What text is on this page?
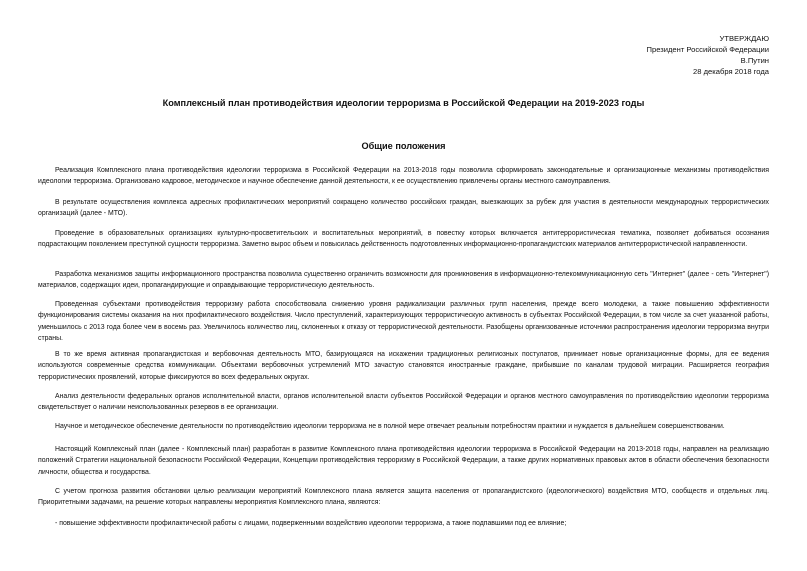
УТВЕРЖДАЮ
Президент Российской Федерации
В.Путин
28 декабря 2018 года
Комплексный план противодействия идеологии терроризма в Российской Федерации на 2019-2023 годы
Общие положения

Реализация Комплексного плана противодействия идеологии терроризма в Российской Федерации на 2013-2018 годы позволила сформировать законодательные и организационные механизмы противодействия идеологии терроризма. Организовано кадровое, методическое и научное обеспечение данной деятельности, к ее осуществлению привлечены органы местного самоуправления.

В результате осуществления комплекса адресных профилактических мероприятий сокращено количество российских граждан, выезжающих за рубеж для участия в деятельности международных террористических организаций (далее - МТО).

Проведение в образовательных организациях культурно-просветительских и воспитательных мероприятий, в повестку которых включается антитеррористическая тематика, позволяет добиваться осознания подрастающим поколением преступной сущности терроризма. Заметно вырос объем и повысилась действенность подготовленных информационно-пропагандистских материалов антитеррористической направленности.

Разработка механизмов защиты информационного пространства позволила существенно ограничить возможности для проникновения в информационно-телекоммуникационную сеть "Интернет" (далее - сеть "Интернет") материалов, содержащих идеи, пропагандирующие и оправдывающие террористическую деятельность.

Проведенная субъектами противодействия терроризму работа способствовала снижению уровня радикализации различных групп населения, прежде всего молодежи, а также повышению эффективности функционирования системы оказания на них профилактического воздействия. Число преступлений, характеризующих террористическую активность в субъектах Российской Федерации, в том числе за счет указанной работы, уменьшилось с 2013 года более чем в восемь раз. Увеличилось количество лиц, склоненных к отказу от террористической деятельности. Разобщены организованные источники распространения идеологии терроризма внутри страны.

В то же время активная пропагандистская и вербовочная деятельность МТО, базирующаяся на искажении традиционных религиозных постулатов, принимает новые организационные формы, для ее ведения используются современные средства коммуникации. Объектами вербовочных устремлений МТО зачастую становятся иностранные граждане, прибывшие по каналам трудовой миграции. Расширяется география террористических проявлений, которые фиксируются во всех федеральных округах.

Анализ деятельности федеральных органов исполнительной власти, органов исполнительной власти субъектов Российской Федерации и органов местного самоуправления по противодействию идеологии терроризма свидетельствует о наличии неиспользованных резервов в ее организации.

Научное и методическое обеспечение деятельности по противодействию идеологии терроризма не в полной мере отвечает реальным потребностям практики и нуждается в дальнейшем совершенствовании.

Настоящий Комплексный план (далее - Комплексный план) разработан в развитие Комплексного плана противодействия идеологии терроризма в Российской Федерации на 2013-2018 годы, направлен на реализацию положений Стратегии национальной безопасности Российской Федерации, Концепции противодействия терроризму в Российской Федерации, а также других нормативных правовых актов в области обеспечения безопасности личности, общества и государства.

С учетом прогноза развития обстановки целью реализации мероприятий Комплексного плана является защита населения от пропагандистского (идеологического) воздействия МТО, сообществ и отдельных лиц. Приоритетными задачами, на решение которых направлены мероприятия Комплексного плана, являются:

- повышение эффективности профилактической работы с лицами, подверженными воздействию идеологии терроризма, а также подпавшими под ее влияние;
